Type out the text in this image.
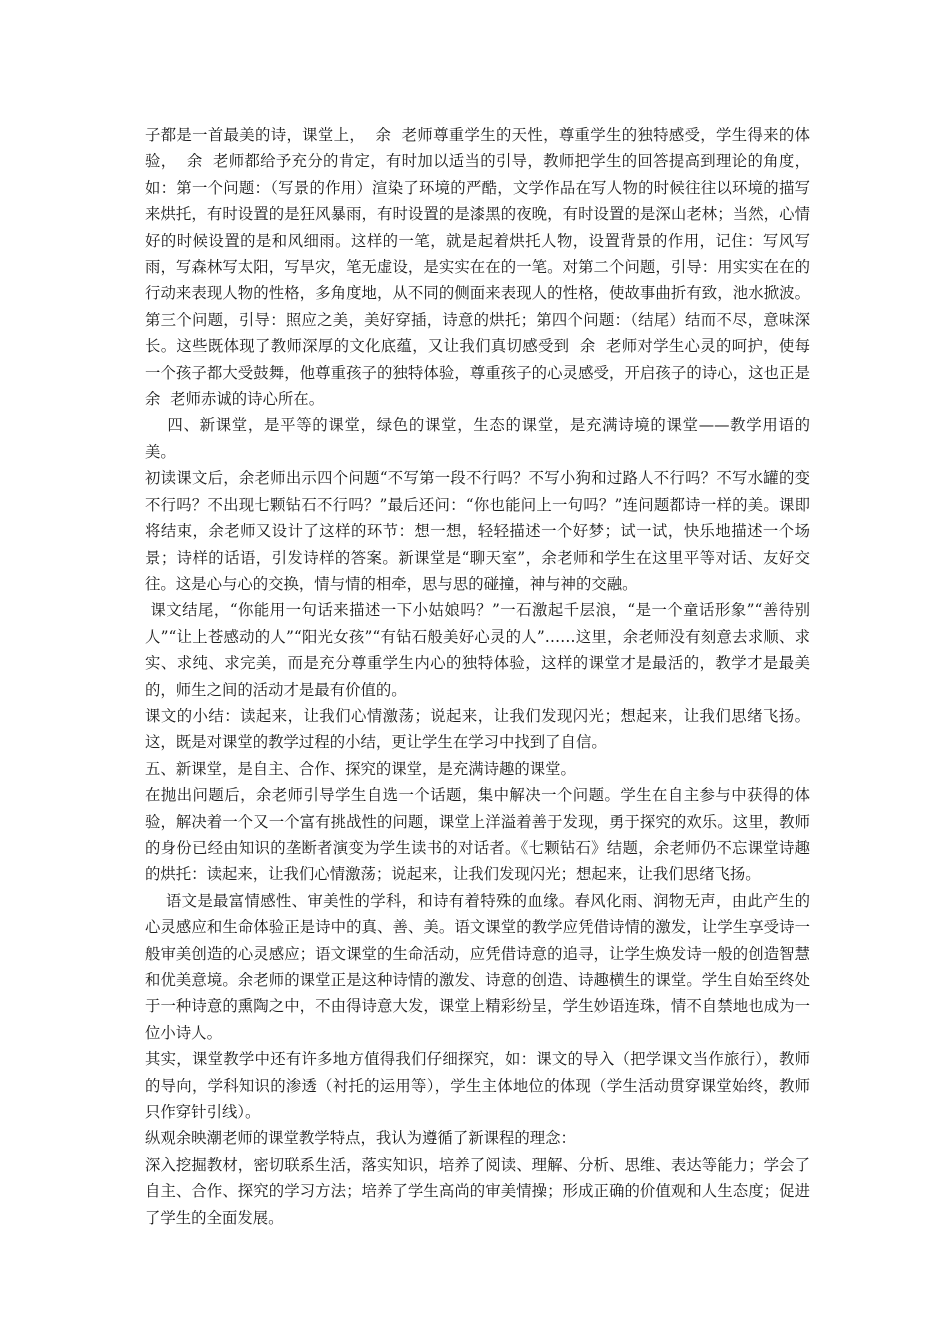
子都是一首最美的诗，课堂上，  余  老师尊重学生的天性，尊重学生的独特感受，学生得来的体验，  余  老师都给予充分的肯定，有时加以适当的引导，教师把学生的回答提高到理论的角度，如：第一个问题：（写景的作用）渲染了环境的严酷，文学作品在写人物的时候往往以环境的描写来烘托，有时设置的是狂风暴雨，有时设置的是漆黑的夜晚，有时设置的是深山老林；当然，心情好的时候设置的是和风细雨。这样的一笔，就是起着烘托人物，设置背景的作用，记住：写风写雨，写森林写太阳，写旱灾，笔无虚设，是实实在在的一笔。对第二个问题，引导：用实实在在的行动来表现人物的性格，多角度地，从不同的侧面来表现人的性格，使故事曲折有致，池水掀波。第三个问题，引导：照应之美，美好穿插，诗意的烘托；第四个问题：（结尾）结而不尽，意味深长。这些既体现了教师深厚的文化底蕴，又让我们真切感受到  余  老师对学生心灵的呵护，使每一个孩子都大受鼓舞，他尊重孩子的独特体验，尊重孩子的心灵感受，开启孩子的诗心，这也正是  余  老师赤诚的诗心所在。

四、新课堂，是平等的课堂，绿色的课堂，生态的课堂，是充满诗境的课堂——教学用语的美。

初读课文后，余老师出示四个问题“不写第一段不行吗？不写小狗和过路人不行吗？不写水罐的变不行吗？不出现七颗钻石不行吗？”最后还问：“你也能问上一句吗？”连问题都诗一样的美。课即将结束，余老师又设计了这样的环节：想一想，轻轻描述一个好梦；试一试，快乐地描述一个场景；诗样的话语，引发诗样的答案。新课堂是“聊天室”，余老师和学生在这里平等对话、友好交往。这是心与心的交换，情与情的相牵，思与思的碰撞，神与神的交融。

课文结尾，“你能用一句话来描述一下小姑娘吗？”一石激起千层浪，“是一个童话形象”“善待别人”“让上苍感动的人”“阳光女孩”“有钻石般美好心灵的人”……这里，余老师没有刻意去求顺、求实、求纯、求完美，而是充分尊重学生内心的独特体验，这样的课堂才是最活的，教学才是最美的，师生之间的活动才是最有价值的。

课文的小结：读起来，让我们心情激荡；说起来，让我们发现闪光；想起来，让我们思绪飞扬。这，既是对课堂的教学过程的小结，更让学生在学习中找到了自信。

五、新课堂，是自主、合作、探究的课堂，是充满诗趣的课堂。

在抛出问题后，余老师引导学生自选一个话题，集中解决一个问题。学生在自主参与中获得的体验，解决着一个又一个富有挑战性的问题，课堂上洋溢着善于发现，勇于探究的欢乐。这里，教师的身份已经由知识的垄断者演变为学生读书的对话者。《七颗钻石》结题，余老师仍不忘课堂诗趣的烘托：读起来，让我们心情激荡；说起来，让我们发现闪光；想起来，让我们思绪飞扬。

语文是最富情感性、审美性的学科，和诗有着特殊的血缘。春风化雨、润物无声，由此产生的心灵感应和生命体验正是诗中的真、善、美。语文课堂的教学应凭借诗情的激发，让学生享受诗一般审美创造的心灵感应；语文课堂的生命活动，应凭借诗意的追寻，让学生焕发诗一般的创造智慧和优美意境。余老师的课堂正是这种诗情的激发、诗意的创造、诗趣横生的课堂。学生自始至终处于一种诗意的熏陶之中，不由得诗意大发，课堂上精彩纷呈，学生妙语连珠，情不自禁地也成为一位小诗人。

其实，课堂教学中还有许多地方值得我们仔细探究，如：课文的导入（把学课文当作旅行），教师的导向，学科知识的渗透（衬托的运用等），学生主体地位的体现（学生活动贯穿课堂始终，教师只作穿针引线）。

纵观余映潮老师的课堂教学特点，我认为遵循了新课程的理念：

深入挖掘教材，密切联系生活，落实知识，培养了阅读、理解、分析、思维、表达等能力；学会了自主、合作、探究的学习方法；培养了学生高尚的审美情操；形成正确的价值观和人生态度；促进了学生的全面发展。
